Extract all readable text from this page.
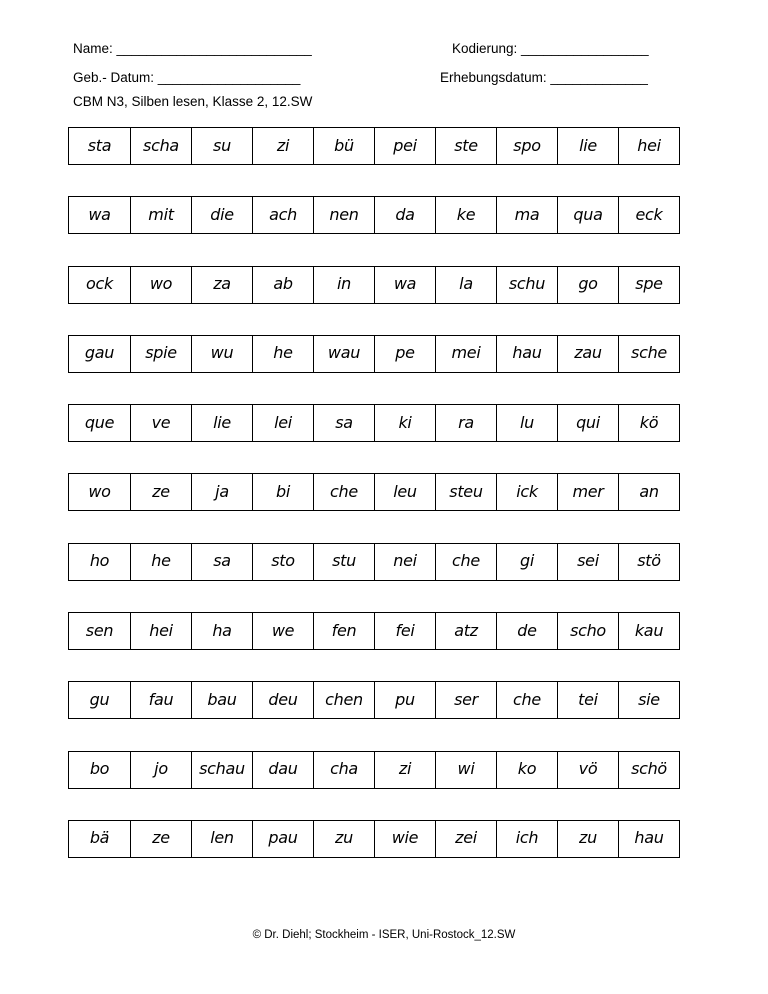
Name: __________________________	Kodierung: _________________
Geb.- Datum: ___________________	Erhebungsdatum: _____________
CBM N3, Silben lesen, Klasse 2, 12.SW
sta	scha	su	zi	bü	pei	ste	spo	lie	hei
wa	mit	die	ach	nen	da	ke	ma	qua	eck
ock	wo	za	ab	in	wa	la	schu	go	spe
gau	spie	wu	he	wau	pe	mei	hau	zau	sche
que	ve	lie	lei	sa	ki	ra	lu	qui	kö
wo	ze	ja	bi	che	leu	steu	ick	mer	an
ho	he	sa	sto	stu	nei	che	gi	sei	stö
sen	hei	ha	we	fen	fei	atz	de	scho	kau
gu	fau	bau	deu	chen	pu	ser	che	tei	sie
bo	jo	schau	dau	cha	zi	wi	ko	vö	schö
bä	ze	len	pau	zu	wie	zei	ich	zu	hau
© Dr. Diehl; Stockheim - ISER, Uni-Rostock_12.SW
